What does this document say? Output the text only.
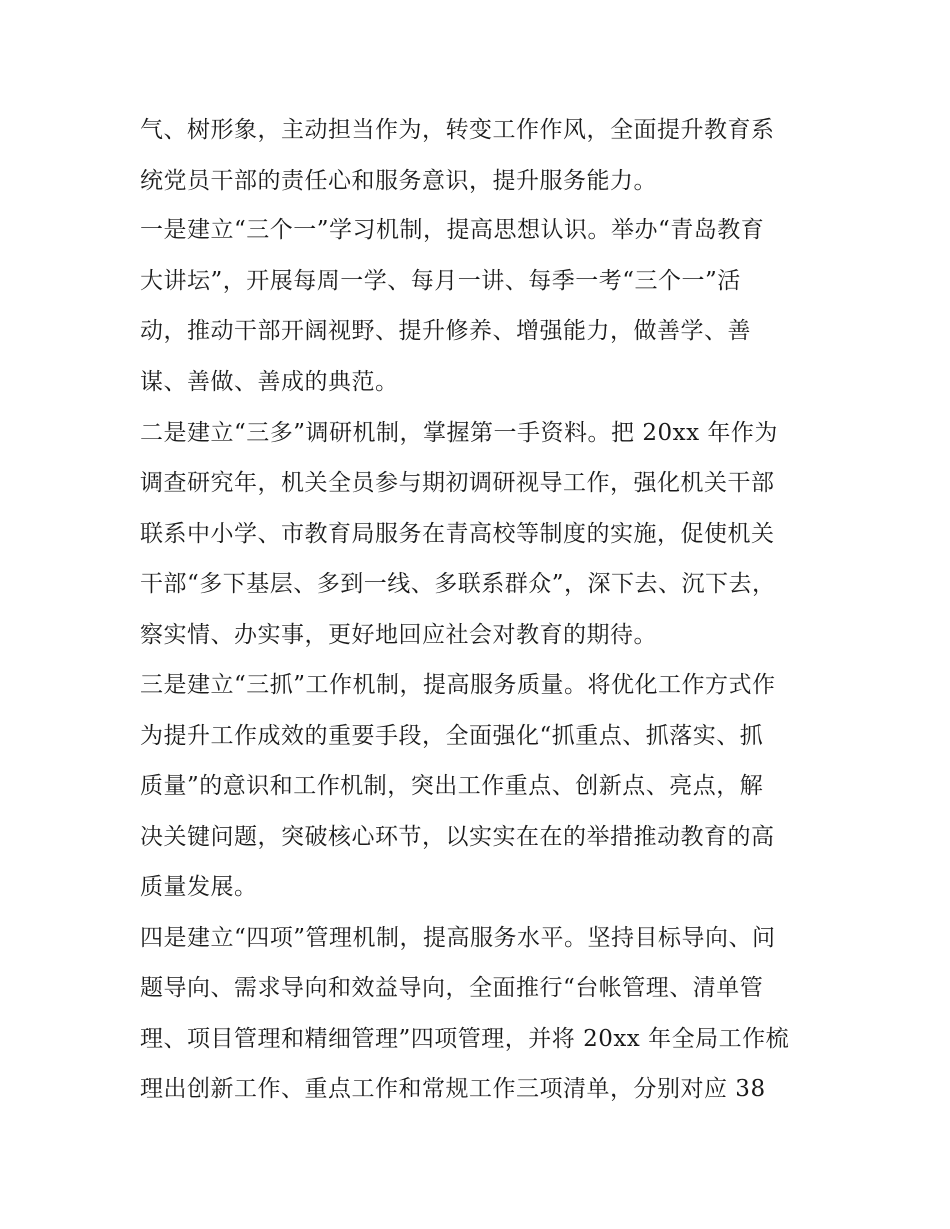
气、树形象，主动担当作为，转变工作作风，全面提升教育系
统党员干部的责任心和服务意识，提升服务能力。
一是建立“三个一”学习机制，提高思想认识。举办“青岛教育
大讲坛”，开展每周一学、每月一讲、每季一考“三个一”活
动，推动干部开阔视野、提升修养、增强能力，做善学、善
谋、善做、善成的典范。
二是建立“三多”调研机制，掌握第一手资料。把 20xx 年作为
调查研究年，机关全员参与期初调研视导工作，强化机关干部
联系中小学、市教育局服务在青高校等制度的实施，促使机关
干部“多下基层、多到一线、多联系群众”，深下去、沉下去，
察实情、办实事，更好地回应社会对教育的期待。
三是建立“三抓”工作机制，提高服务质量。将优化工作方式作
为提升工作成效的重要手段，全面强化“抓重点、抓落实、抓
质量”的意识和工作机制，突出工作重点、创新点、亮点，解
决关键问题，突破核心环节，以实实在在的举措推动教育的高
质量发展。
四是建立“四项”管理机制，提高服务水平。坚持目标导向、问
题导向、需求导向和效益导向，全面推行“台帐管理、清单管
理、项目管理和精细管理”四项管理，并将 20xx 年全局工作梳
理出创新工作、重点工作和常规工作三项清单，分别对应 38
